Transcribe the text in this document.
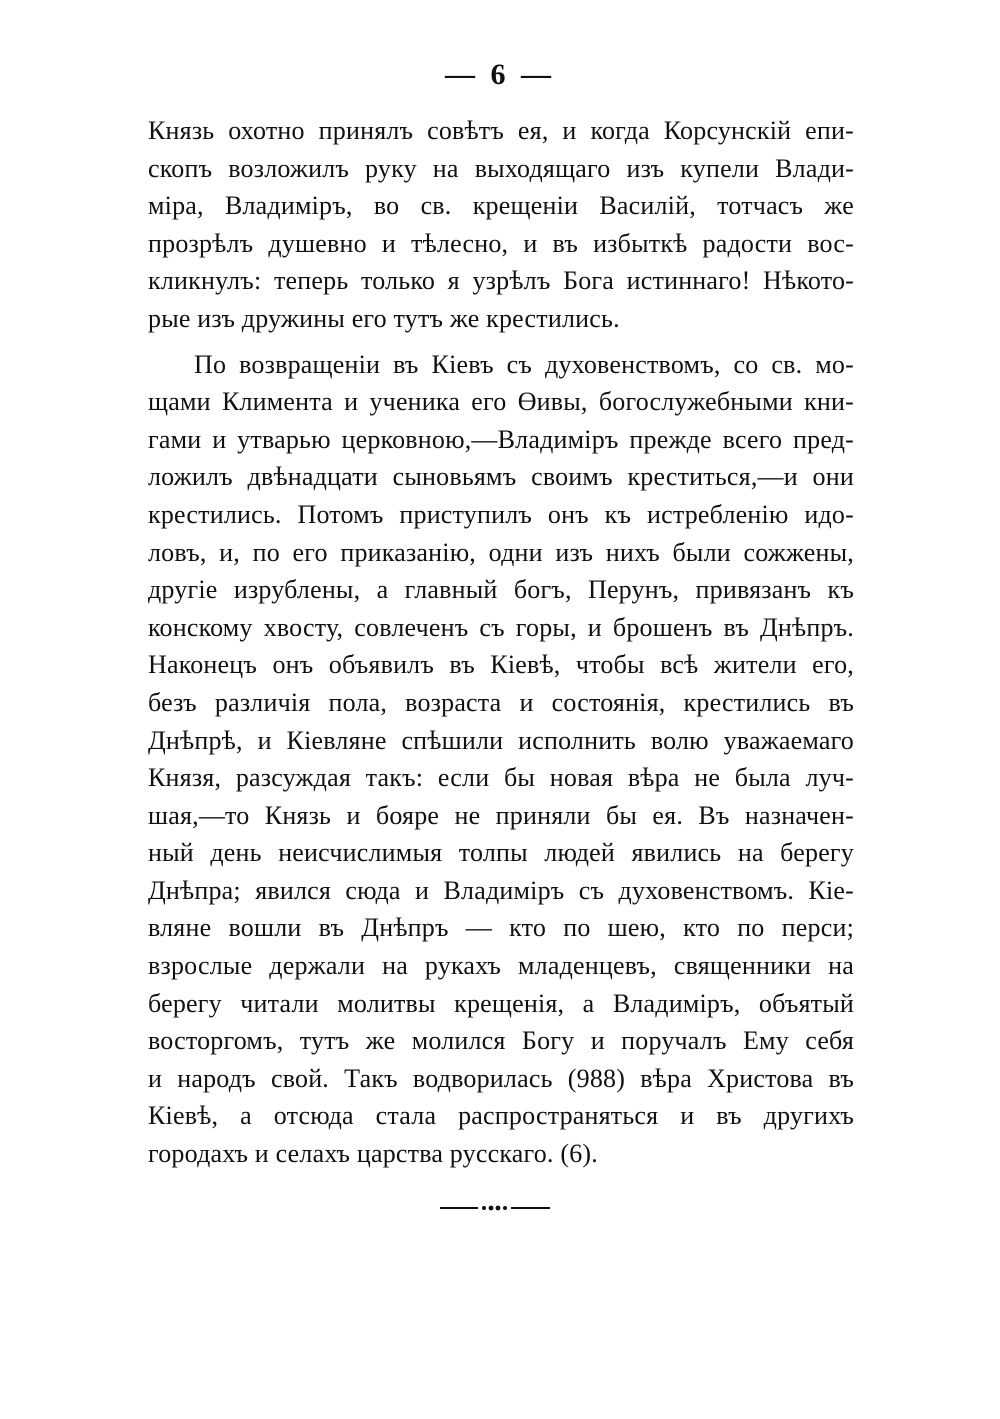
— 6 —
Князь охотно принялъ совѣтъ ея, и когда Корсунскій епи-
скопъ возложилъ руку на выходящаго изъ купели Влади-
міра, Владиміръ, во св. крещеніи Василій, тотчасъ же
прозрѣлъ душевно и тѣлесно, и въ избыткѣ радости вос-
кликнулъ: теперь только я узрѣлъ Бога истиннаго! Нѣкото-
рые изъ дружины его тутъ же крестились.
По возвращеніи въ Кіевъ съ духовенствомъ, со св. мо-
щами Климента и ученика его Өивы, богослужебными кни-
гами и утварью церковною,—Владиміръ прежде всего пред-
ложилъ двѣнадцати сыновьямъ своимъ креститься,—и они
крестились. Потомъ приступилъ онъ къ истребленію идо-
ловъ, и, по его приказанію, одни изъ нихъ были сожжены,
другіе изрублены, а главный богъ, Перунъ, привязанъ къ
конскому хвосту, совлеченъ съ горы, и брошенъ въ Днѣпръ.
Наконецъ онъ объявилъ въ Кіевѣ, чтобы всѣ жители его,
безъ различія пола, возраста и состоянія, крестились въ
Днѣпрѣ, и Кіевляне спѣшили исполнить волю уважаемаго
Князя, разсуждая такъ: если бы новая вѣра не была луч-
шая,—то Князь и бояре не приняли бы ея. Въ назначен-
ный день неисчислимыя толпы людей явились на берегу
Днѣпра; явился сюда и Владиміръ съ духовенствомъ. Кіе-
вляне вошли въ Днѣпръ — кто по шею, кто по перси;
взрослые держали на рукахъ младенцевъ, священники на
берегу читали молитвы крещенія, а Владиміръ, объятый
восторгомъ, тутъ же молился Богу и поручалъ Ему себя
и народъ свой. Такъ водворилась (988) вѣра Христова въ
Кіевѣ, а отсюда стала распространяться и въ другихъ
городахъ и селахъ царства русскаго. (6).
